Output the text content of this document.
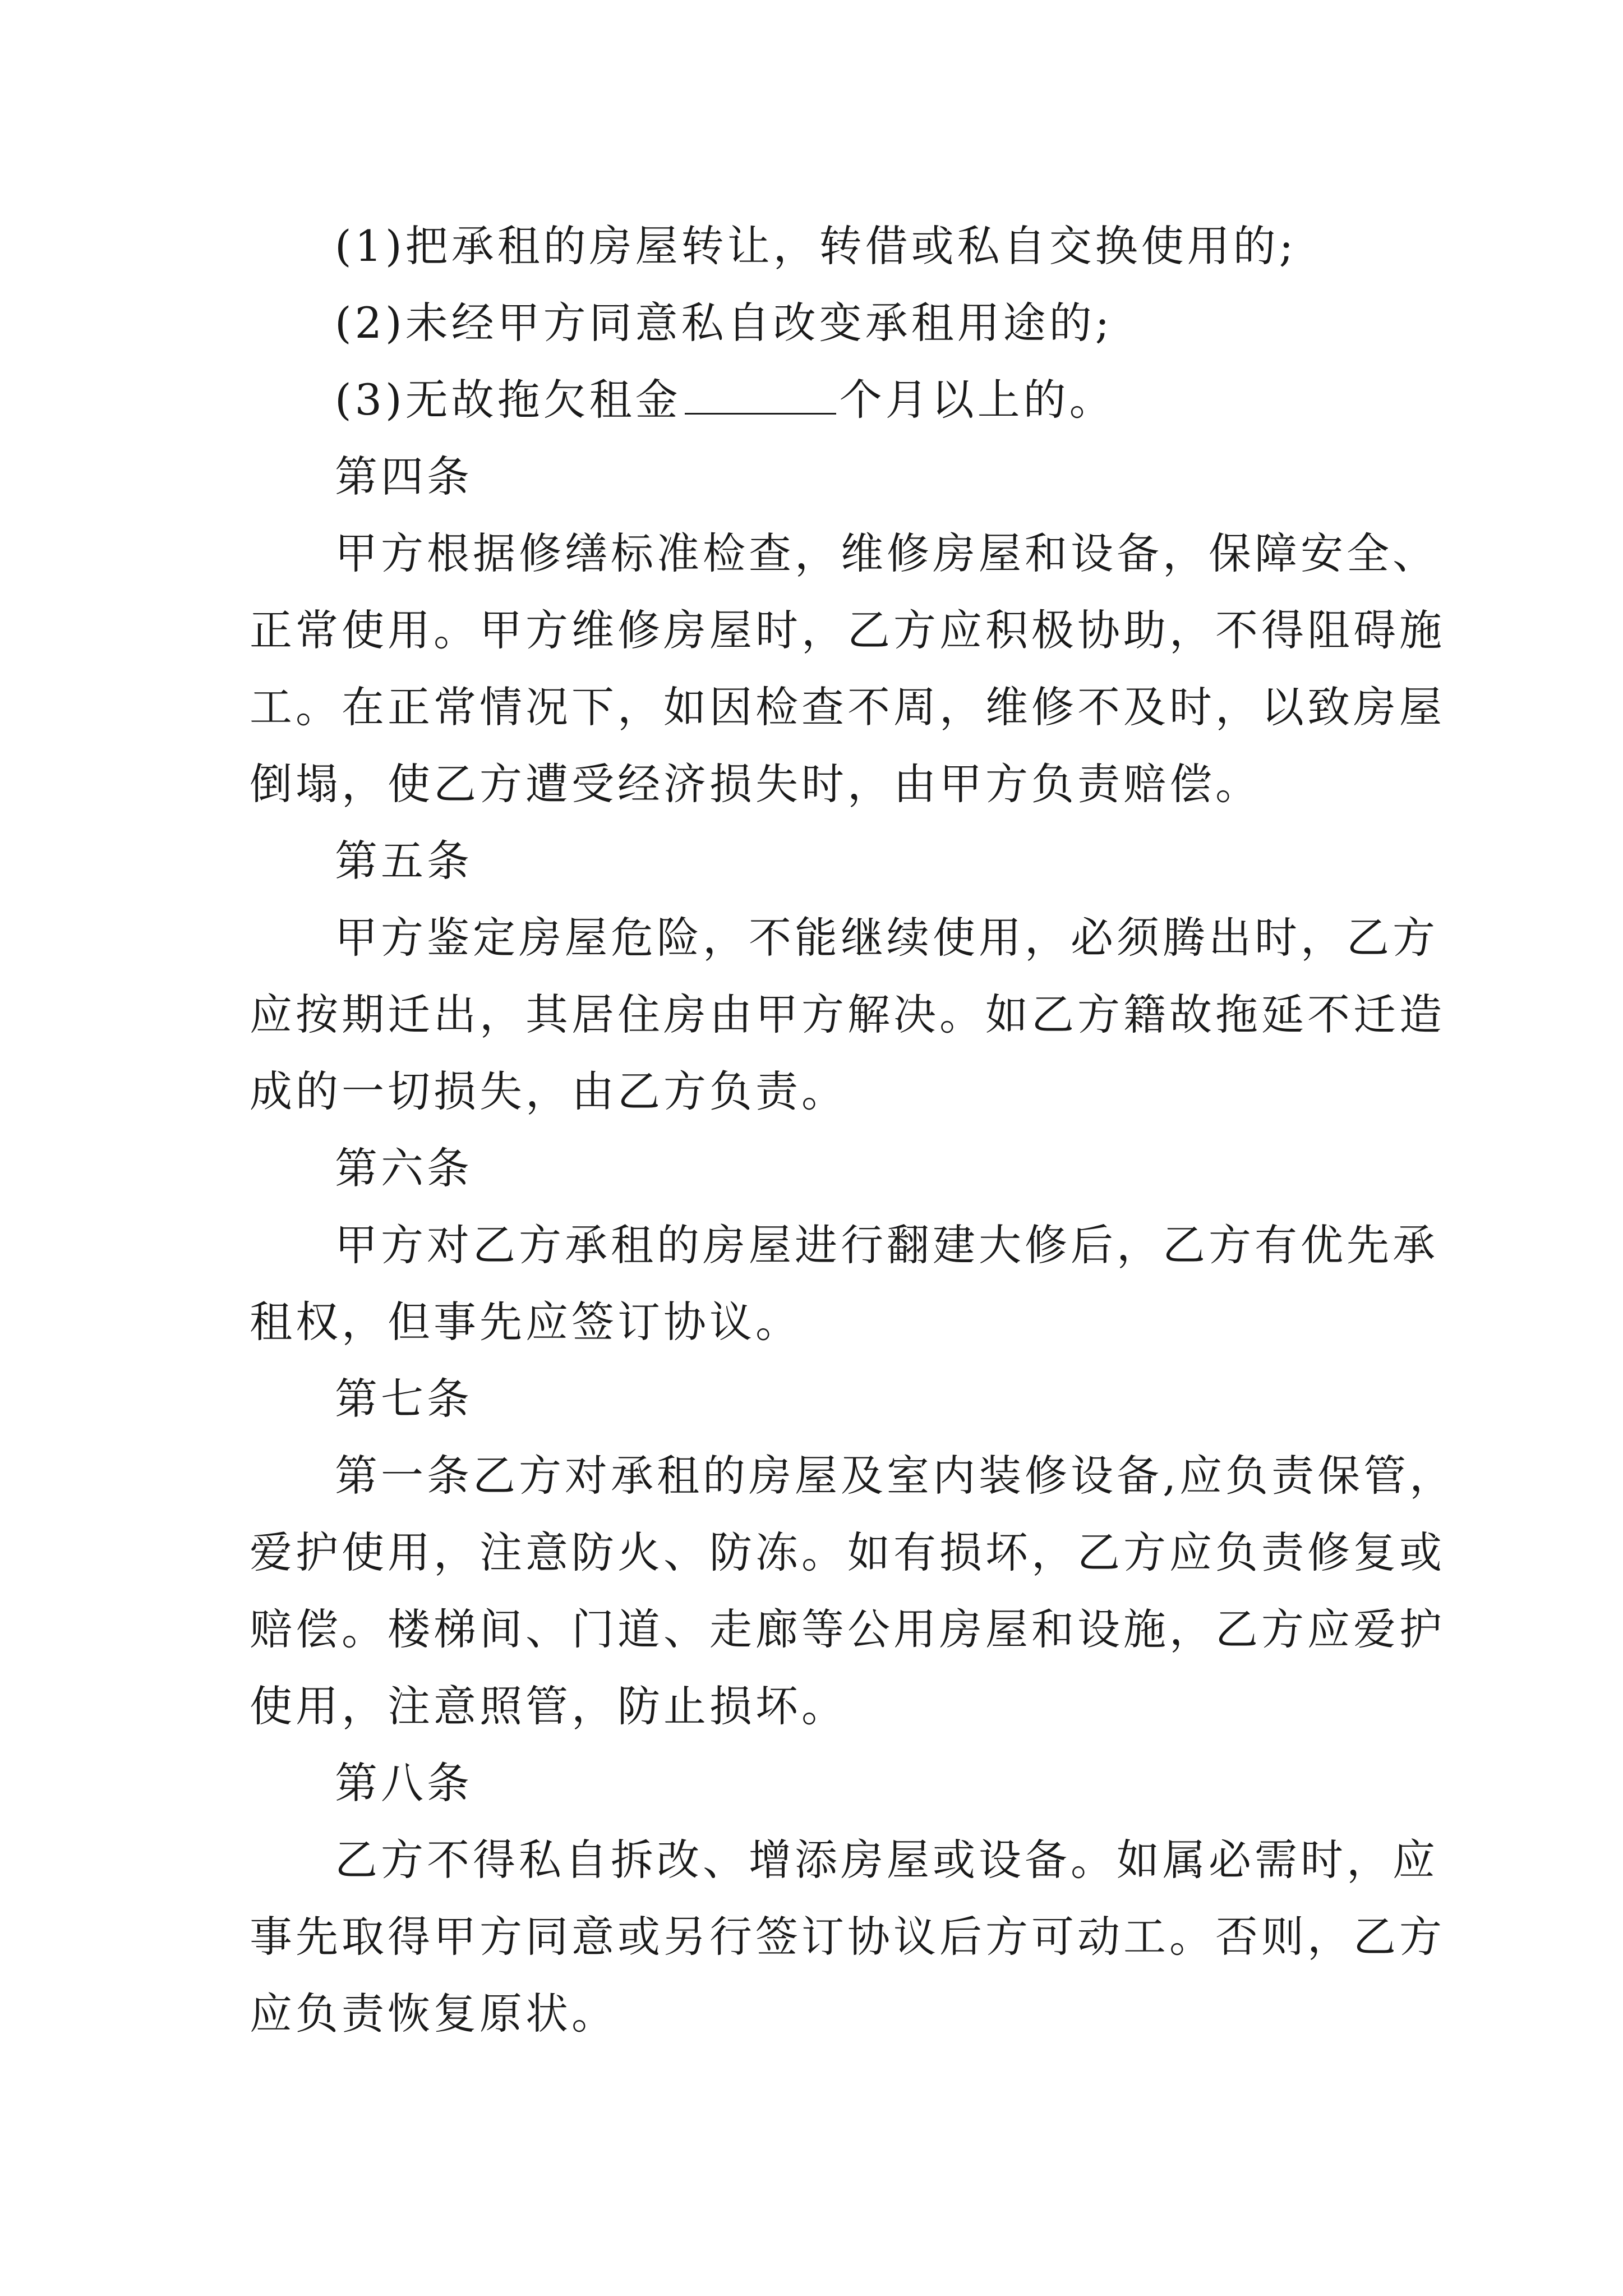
(1)把承租的房屋转让，转借或私自交换使用的;
(2)未经甲方同意私自改变承租用途的;
(3)无故拖欠租金	个月以上的。
第四条
甲方根据修缮标准检查，维修房屋和设备，保障安全、
正常使用。甲方维修房屋时，乙方应积极协助，不得阻碍施
工。在正常情况下，如因检查不周，维修不及时，以致房屋
倒塌，使乙方遭受经济损失时，由甲方负责赔偿。
第五条
甲方鉴定房屋危险，不能继续使用，必须腾出时，乙方
应按期迁出，其居住房由甲方解决。如乙方籍故拖延不迁造
成的一切损失，由乙方负责。
第六条
甲方对乙方承租的房屋进行翻建大修后，乙方有优先承
租权，但事先应签订协议。
第七条
第一条乙方对承租的房屋及室内装修设备,应负责保管，
爱护使用，注意防火、防冻。如有损坏，乙方应负责修复或
赔偿。楼梯间、门道、走廊等公用房屋和设施，乙方应爱护
使用，注意照管，防止损坏。
第八条
乙方不得私自拆改、增添房屋或设备。如属必需时，应
事先取得甲方同意或另行签订协议后方可动工。否则，乙方
应负责恢复原状。
